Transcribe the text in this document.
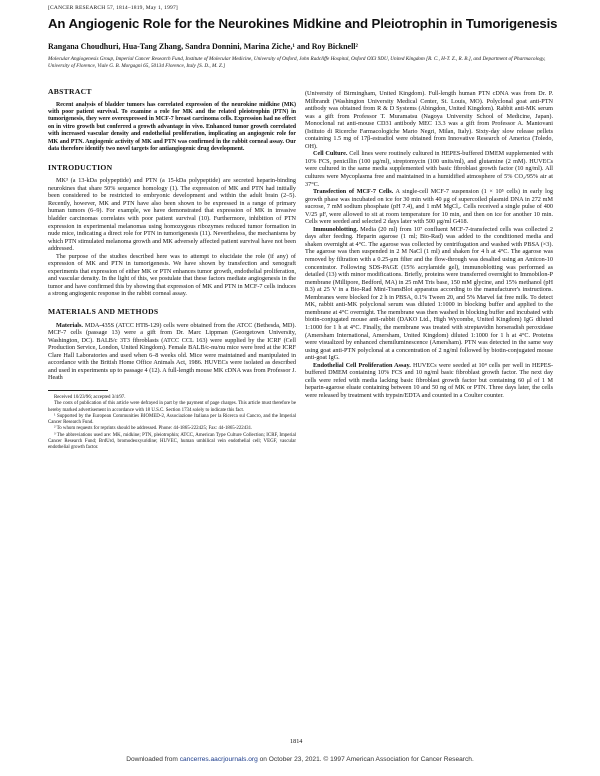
[CANCER RESEARCH 57, 1814–1819, May 1, 1997]
An Angiogenic Role for the Neurokines Midkine and Pleiotrophin in Tumorigenesis
Rangana Choudhuri, Hua-Tang Zhang, Sandra Donnini, Marina Ziche,¹ and Roy Bicknell²
Molecular Angiogenesis Group, Imperial Cancer Research Fund, Institute of Molecular Medicine, University of Oxford, John Radcliffe Hospital, Oxford OX3 9DU, United Kingdom [R. C., H-T. Z., R. B.], and Department of Pharmacology, University of Florence, Viale G. B. Morgagni 65, 50134 Florence, Italy [S. D., M. Z.]
ABSTRACT

Recent analysis of bladder tumors has correlated expression of the neurokine midkine (MK) with poor patient survival. To examine a role for MK and the related pleiotrophin (PTN) in tumorigenesis, they were overexpressed in MCF-7 breast carcinoma cells. Expression had no effect on in vitro growth but conferred a growth advantage in vivo. Enhanced tumor growth correlated with increased vascular density and endothelial proliferation, implicating an angiogenic role for MK and PTN. Angiogenic activity of MK and PTN was confirmed in the rabbit corneal assay. Our data therefore identify two novel targets for antiangiogenic drug development.

INTRODUCTION

MK³ (a 13-kDa polypeptide) and PTN (a 15-kDa polypeptide) are secreted heparin-binding neurokines that share 50% sequence homology (1). The expression of MK and PTN had initially been considered to be restricted to embryonic development and within the adult brain (2–5). Recently, however, MK and PTN have also been shown to be expressed in a range of primary human tumors (6–9). For example, we have demonstrated that expression of MK in invasive bladder carcinomas correlates with poor patient survival (10). Furthermore, inhibition of PTN expression in experimental melanomas using homozygous ribozymes reduced tumor formation in nude mice, indicating a direct role for PTN in tumorigenesis (11). Nevertheless, the mechanisms by which PTN stimulated melanoma growth and MK adversely affected patient survival have not been addressed.

The purpose of the studies described here was to attempt to elucidate the role (if any) of expression of MK and PTN in tumorigenesis. We have shown by transfection and xenograft experiments that expression of either MK or PTN enhances tumor growth, endothelial proliferation, and vascular density. In the light of this, we postulate that these factors mediate angiogenesis in the tumor and have confirmed this by showing that expression of MK and PTN in MCF-7 cells induces a strong angiogenic response in the rabbit corneal assay.

MATERIALS AND METHODS

Materials. MDA-435S (ATCC HTB-129) cells were obtained from the ATCC (Bethesda, MD). MCF-7 cells (passage 13) were a gift from Dr. Marc Lippman (Georgetown University, Washington, DC). BALB/c 3T3 fibroblasts (ATCC CCL 163) were supplied by the ICRF (Cell Production Service, London, United Kingdom). Female BALB/c-nu/nu mice were bred at the ICRF Clare Hall Laboratories and used when 6–8 weeks old. Mice were maintained and manipulated in accordance with the British Home Office Animals Act, 1986. HUVECs were isolated as described and used in experiments up to passage 4 (12). A full-length mouse MK cDNA was from Professor J. Heath

Received 10/23/96; accepted 3/4/97.

The costs of publication of this article were defrayed in part by the payment of page charges. This article must therefore be hereby marked advertisement in accordance with 18 U.S.C. Section 1734 solely to indicate this fact.

¹ Supported by the European Communities BIOMED-2, Associazione Italiana per la Ricerca sul Cancro, and the Imperial Cancer Research Fund.

² To whom requests for reprints should be addressed. Phone: 44-1865-222425; Fax: 44-1865-222431.

³ The abbreviations used are: MK, midkine; PTN, pleiotrophin; ATCC, American Type Culture Collection; ICRF, Imperial Cancer Research Fund; BrdUrd, bromodeoxyuridine; HUVEC, human umbilical vein endothelial cell; VEGF, vascular endothelial growth factor.

(University of Birmingham, United Kingdom). Full-length human PTN cDNA was from Dr. P. Milbrandt (Washington University Medical Center, St. Louis, MO). Polyclonal goat anti-PTN antibody was obtained from R & D Systems (Abingdon, United Kingdom). Rabbit anti-MK serum was a gift from Professor T. Muramatsu (Nagoya University School of Medicine, Japan). Monoclonal rat anti-mouse CD31 antibody MEC 13.3 was a gift from Professor A. Mantovani (Istituto di Ricerche Farmacologiche Mario Negri, Milan, Italy). Sixty-day slow release pellets containing 1.5 mg of 17β-estradiol were obtained from Innovative Research of America (Toledo, OH).

Cell Culture. Cell lines were routinely cultured in HEPES-buffered DMEM supplemented with 10% FCS, penicillin (100 μg/ml), streptomycin (100 units/ml), and glutamine (2 mM). HUVECs were cultured in the same media supplemented with basic fibroblast growth factor (10 ng/ml). All cultures were Mycoplasma free and maintained in a humidified atmosphere of 5% CO₂/95% air at 37°C.

Transfection of MCF-7 Cells. A single-cell MCF-7 suspension (1 × 10⁵ cells) in early log growth phase was incubated on ice for 30 min with 40 μg of supercoiled plasmid DNA in 272 mM sucrose, 7 mM sodium phosphate (pH 7.4), and 1 mM MgCl₂. Cells received a single pulse of 400 V/25 μF, were allowed to sit at room temperature for 10 min, and then on ice for another 10 min. Cells were seeded and selected 2 days later with 500 μg/ml G418.

Immunoblotting. Media (20 ml) from 10⁷ confluent MCF-7-transfected cells was collected 2 days after feeding. Heparin agarose (1 ml; Bio-Rad) was added to the conditioned media and shaken overnight at 4°C. The agarose was collected by centrifugation and washed with PBSA (×3). The agarose was then suspended in 2 M NaCl (1 ml) and shaken for 4 h at 4°C. The agarose was removed by filtration with a 0.25-μm filter and the flow-through was desalted using an Amicon-10 concentrator. Following SDS-PAGE (15% acrylamide gel), immunoblotting was performed as detailed (13) with minor modifications. Briefly, proteins were transferred overnight to Immobilon-P membrane (Millipore, Bedford, MA) in 25 mM Tris base, 150 mM glycine, and 15% methanol (pH 8.3) at 25 V in a Bio-Rad Mini-TransBlot apparatus according to the manufacturer's instructions. Membranes were blocked for 2 h in PBSA, 0.1% Tween 20, and 5% Marvel fat free milk. To detect MK, rabbit anti-MK polyclonal serum was diluted 1:1000 in blocking buffer and applied to the membrane at 4°C overnight. The membrane was then washed in blocking buffer and incubated with biotin-conjugated mouse anti-rabbit (DAKO Ltd., High Wycombe, United Kingdom) IgG diluted 1:1000 for 1 h at 4°C. Finally, the membrane was treated with streptavidin horseradish peroxidase (Amersham International, Amersham, United Kingdom) diluted 1:1000 for 1 h at 4°C. Proteins were visualized by enhanced chemiluminescence (Amersham). PTN was detected in the same way using goat anti-PTN polyclonal at a concentration of 2 ng/ml followed by biotin-conjugated mouse anti-goat IgG.

Endothelial Cell Proliferation Assay. HUVECs were seeded at 10⁴ cells per well in HEPES-buffered DMEM containing 10% FCS and 10 ng/ml basic fibroblast growth factor. The next day cells were refed with media lacking basic fibroblast growth factor but containing 60 μl of 1 M heparin-agarose eluate containing between 10 and 50 ng of MK or PTN. Three days later, the cells were released by treatment with trypsin/EDTA and counted in a Coulter counter.

1814
Downloaded from cancerres.aacrjournals.org on October 23, 2021. © 1997 American Association for Cancer Research.
